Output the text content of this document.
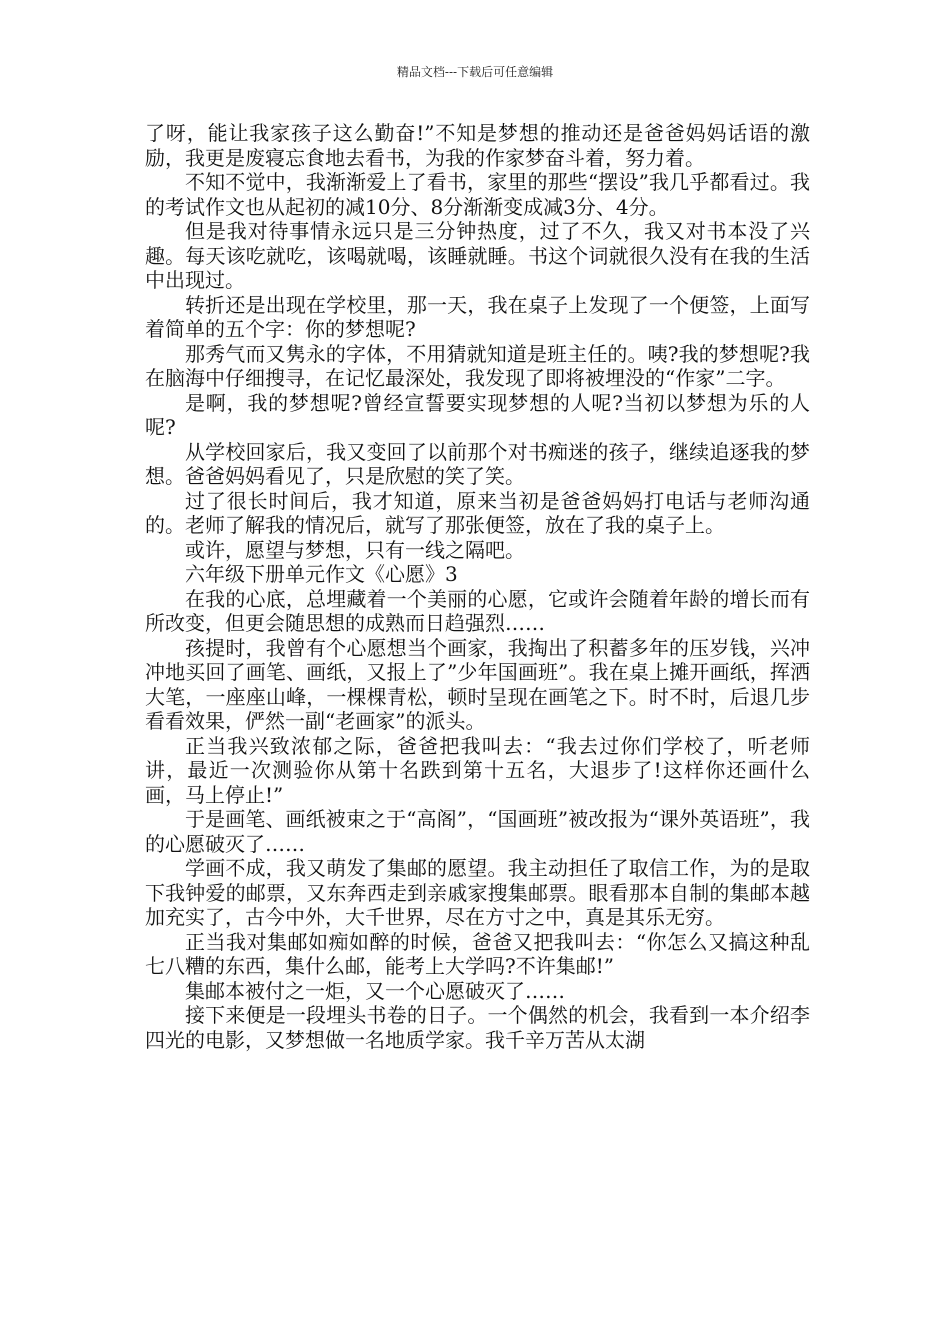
精品文档---下载后可任意编辑

了呀，能让我家孩子这么勤奋!”不知是梦想的推动还是爸爸妈妈话语的激励，我更是废寝忘食地去看书，为我的作家梦奋斗着，努力着。

不知不觉中，我渐渐爱上了看书，家里的那些“摆设”我几乎都看过。我的考试作文也从起初的减10分、8分渐渐变成减3分、4分。

但是我对待事情永远只是三分钟热度，过了不久，我又对书本没了兴趣。每天该吃就吃，该喝就喝，该睡就睡。书这个词就很久没有在我的生活中出现过。

转折还是出现在学校里，那一天，我在桌子上发现了一个便签，上面写着简单的五个字：你的梦想呢?

那秀气而又隽永的字体，不用猜就知道是班主任的。咦?我的梦想呢?我在脑海中仔细搜寻，在记忆最深处，我发现了即将被埋没的“作家”二字。

是啊，我的梦想呢?曾经宣誓要实现梦想的人呢?当初以梦想为乐的人呢?

从学校回家后，我又变回了以前那个对书痴迷的孩子，继续追逐我的梦想。爸爸妈妈看见了，只是欣慰的笑了笑。

过了很长时间后，我才知道，原来当初是爸爸妈妈打电话与老师沟通的。老师了解我的情况后，就写了那张便签，放在了我的桌子上。

或许，愿望与梦想，只有一线之隔吧。

六年级下册单元作文《心愿》3

在我的心底，总埋藏着一个美丽的心愿，它或许会随着年龄的增长而有所改变，但更会随思想的成熟而日趋强烈……

孩提时，我曾有个心愿想当个画家，我掏出了积蓄多年的压岁钱，兴冲冲地买回了画笔、画纸，又报上了”少年国画班”。我在桌上摊开画纸，挥洒大笔，一座座山峰，一棵棵青松，顿时呈现在画笔之下。时不时，后退几步看看效果，俨然一副“老画家”的派头。

正当我兴致浓郁之际，爸爸把我叫去：“我去过你们学校了，听老师讲，最近一次测验你从第十名跌到第十五名，大退步了!这样你还画什么画，马上停止!”

于是画笔、画纸被束之于“高阁”，“国画班”被改报为“课外英语班”，我的心愿破灭了……

学画不成，我又萌发了集邮的愿望。我主动担任了取信工作，为的是取下我钟爱的邮票，又东奔西走到亲戚家搜集邮票。眼看那本自制的集邮本越加充实了，古今中外，大千世界，尽在方寸之中，真是其乐无穷。

正当我对集邮如痴如醉的时候，爸爸又把我叫去：“你怎么又搞这种乱七八糟的东西，集什么邮，能考上大学吗?不许集邮!”

集邮本被付之一炬，又一个心愿破灭了……

接下来便是一段埋头书卷的日子。一个偶然的机会，我看到一本介绍李四光的电影，又梦想做一名地质学家。我千辛万苦从太湖
